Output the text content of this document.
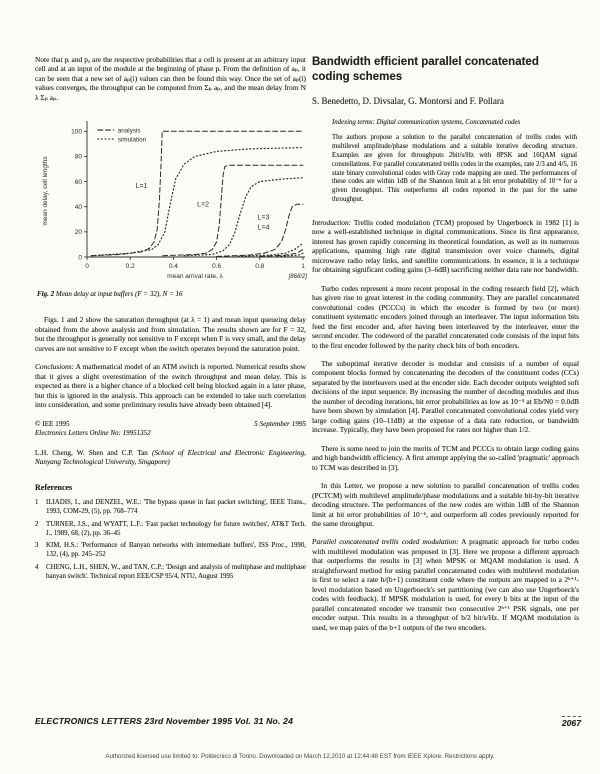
Note that pᵢ and pₐ are the respective probabilities that a cell is present at an arbitrary input cell and at an input of the module at the beginning of phase p. From the definition of aₚ, it can be seen that a new set of aₚ(i) values can then be found this way. Once the set of aₚ(i) values converges, the throughput can be computed from Σₚ aₚ, and the mean delay from N λ Σₚ aₚ.

0	0.2	0.4	0.6	0.8	1
0
20
40
60
80
100
L=1
L=2
L=3
L=4
analysis
simulation
mean arrival rate, λ
mean delay, cell lengths
[868/2]
Fig. 2 Mean delay at input buffers (F = 32), N = 16

Figs. 1 and 2 show the saturation throughput (at λ = 1) and mean input queueing delay obtained from the above analysis and from simulation. The results shown are for F = 32, but the throughput is generally not sensitive to F except when F is very small, and the delay curves are not sensitive to F except when the switch operates beyond the saturation point.

Conclusions: A mathematical model of an ATM switch is reported. Numerical results show that it gives a slight overestimation of the switch throughput and mean delay. This is expected as there is a higher chance of a blocked cell being blocked again in a later phase, but this is ignored in the analysis. This approach can be extended to take such correlation into consideration, and some preliminary results have already been obtained [4].

© IEE 1995	5 September 1995
Electronics Letters Online No: 19951352
L.H. Cheng, W. Shen and C.P. Tan (School of Electrical and Electronic Engineering, Nanyang Technological University, Singapore)
References
1	ILIADIS, I., and DENZEL, W.E.: 'The bypass queue in fast packet switching', IEEE Trans., 1993, COM-29, (5), pp. 768–774
2	TURNER, J.S., and WYATT, L.F.: 'Fast packet technology for future switches', AT&T Tech. J., 1989, 68, (2), pp. 36–45
3	KIM, H.S.: 'Performance of Banyan networks with intermediate buffers', ISS Proc., 1990, 132, (4), pp. 245–252
4	CHENG, L.H., SHEN, W., and TAN, C.P.: 'Design and analysis of multiphase and multiphase banyan switch'. Technical report EEE/CSP 95/4, NTU, August 1995
Bandwidth efficient parallel concatenated coding schemes
S. Benedetto, D. Divsalar, G. Montorsi and F. Pollara
Indexing terms: Digital communication systems, Concatenated codes
The authors propose a solution to the parallel concatenation of trellis codes with multilevel amplitude/phase modulations and a suitable iterative decoding structure. Examples are given for throughputs 2bit/s/Hz with 8PSK and 16QAM signal constellations. For parallel concatenated trellis codes in the examples, rate 2/3 and 4/5, 16 state binary convolutional codes with Gray code mapping are used. The performances of these codes are within 1dB of the Shannon limit at a bit error probability of 10⁻⁶ for a given throughput. This outperforms all codes reported in the past for the same throughput.

Introduction: Trellis coded modulation (TCM) proposed by Ungerboeck in 1982 [1] is now a well-established technique in digital communications. Since its first appearance, interest has grown rapidly concerning its theoretical foundation, as well as its numerous applications, spanning high rate digital transmission over voice channels, digital microwave radio relay links, and satellite communications. In essence, it is a technique for obtaining significant coding gains (3–6dB) sacrificing neither data rate nor bandwidth.

Turbo codes represent a more recent proposal in the coding research field [2], which has given rise to great interest in the coding community. They are parallel concatenated convolutional codes (PCCCs) in which the encoder is formed by two (or more) constituent systematic encoders joined through an interleaver. The input information bits feed the first encoder and, after having been interleaved by the interleaver, enter the second encoder. The codeword of the parallel concatenated code consists of the input bits to the first encoder followed by the parity check bits of both encoders.

The suboptimal iterative decoder is modular and consists of a number of equal component blocks formed by concatenating the decoders of the constituent codes (CCs) separated by the interleavers used at the encoder side. Each decoder outputs weighted soft decisions of the input sequence. By increasing the number of decoding modules and thus the number of decoding iterations, bit error probabilities as low as 10⁻⁵ at Eb/N0 = 0.0dB have been shown by simulation [4]. Parallel concatenated convolutional codes yield very large coding gains (10–11dB) at the expense of a data rate reduction, or bandwidth increase. Typically, they have been proposed for rates not higher than 1/2.

There is some need to join the merits of TCM and PCCCs to obtain large coding gains and high bandwidth efficiency. A first attempt applying the so-called 'pragmatic' approach to TCM was described in [3].

In this Letter, we propose a new solution to parallel concatenation of trellis codes (PCTCM) with multilevel amplitude/phase modulations and a suitable bit-by-bit iterative decoding structure. The performances of the new codes are within 1dB of the Shannon limit at bit error probabilities of 10⁻⁶, and outperform all codes previously reported for the same throughput.

Parallel concatenated trellis coded modulation: A pragmatic approach for turbo codes with multilevel modulation was proposed in [3]. Here we propose a different approach that outperforms the results in [3] when MPSK or MQAM modulation is used. A straightforward method for using parallel concatenated codes with multilevel modulation is first to select a rate b/(b+1) constituent code where the outputs are mapped to a 2ᵇ⁺¹-level modulation based on Ungerboeck's set partitioning (we can also use Ungerboeck's codes with feedback). If MPSK modulation is used, for every b bits at the input of the parallel concatenated encoder we transmit two consecutive 2ᵇ⁺¹ PSK signals, one per encoder output. This results in a throughput of b/2 bit/s/Hz. If MQAM modulation is used, we map pairs of the b+1 outputs of the two encoders.

ELECTRONICS LETTERS 23rd November 1995 Vol. 31 No. 24	2067
Authorized licensed use limited to: Politecnico di Torino. Downloaded on March 12,2010 at 12:44:48 EST from IEEE Xplore. Restrictions apply.
